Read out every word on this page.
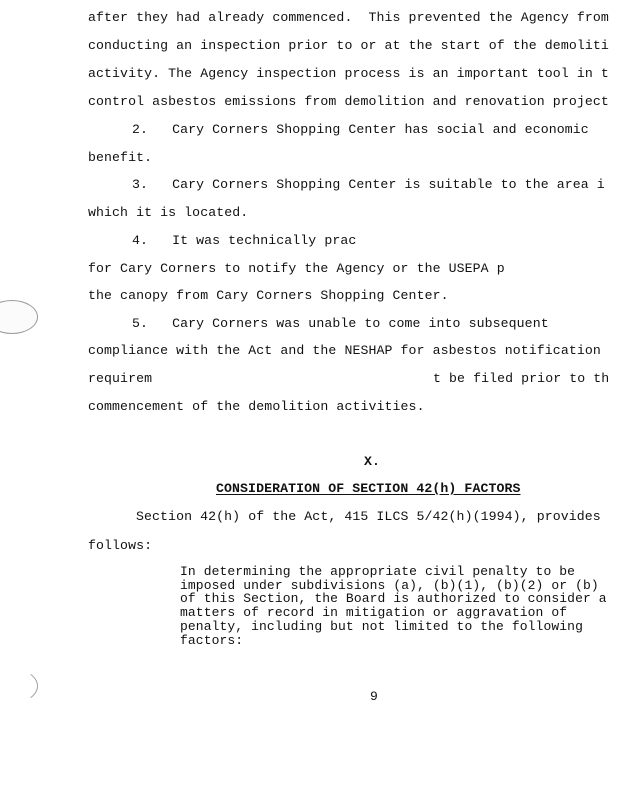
after they had already commenced.  This prevented the Agency from
conducting an inspection prior to or at the start of the demoliti
activity. The Agency inspection process is an important tool in t
control asbestos emissions from demolition and renovation project
2.   Cary Corners Shopping Center has social and economic
benefit.
3.   Cary Corners Shopping Center is suitable to the area i
which it is located.
4.   It was technically prac
for Cary Corners to notify the Agency or the USEPA p
the canopy from Cary Corners Shopping Center.
5.   Cary Corners was unable to come into subsequent
compliance with the Act and the NESHAP for asbestos notification
requirem	t be filed prior to th
commencement of the demolition activities.
X.
CONSIDERATION OF SECTION 42(h) FACTORS
Section 42(h) of the Act, 415 ILCS 5/42(h)(1994), provides
follows:
In determining the appropriate civil penalty to be
imposed under subdivisions (a), (b)(1), (b)(2) or (b)
of this Section, the Board is authorized to consider a
matters of record in mitigation or aggravation of
penalty, including but not limited to the following
factors:
9
